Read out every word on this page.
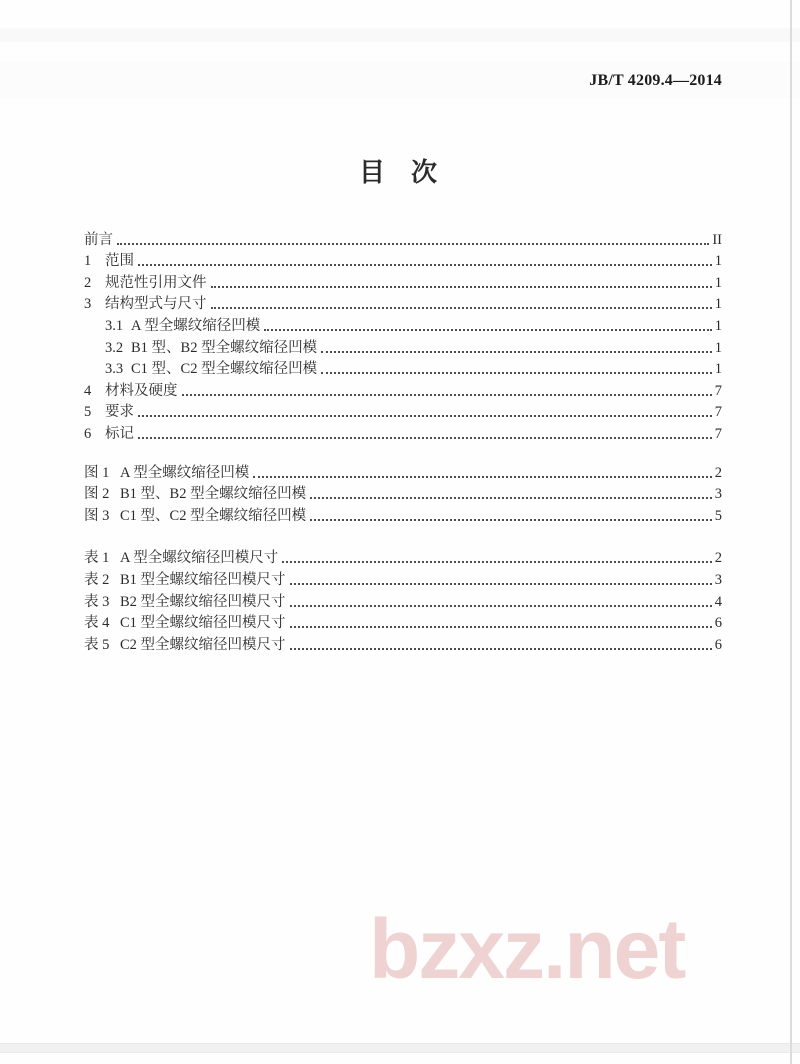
JB/T 4209.4—2014
目　次
前言	II
1 范围	1
2 规范性引用文件	1
3 结构型式与尺寸	1
3.1 A 型全螺纹缩径凹模	1
3.2 B1 型、B2 型全螺纹缩径凹模	1
3.3 C1 型、C2 型全螺纹缩径凹模	1
4 材料及硬度	7
5 要求	7
6 标记	7
图 1 A 型全螺纹缩径凹模	2
图 2 B1 型、B2 型全螺纹缩径凹模	3
图 3 C1 型、C2 型全螺纹缩径凹模	5
表 1 A 型全螺纹缩径凹模尺寸	2
表 2 B1 型全螺纹缩径凹模尺寸	3
表 3 B2 型全螺纹缩径凹模尺寸	4
表 4 C1 型全螺纹缩径凹模尺寸	6
表 5 C2 型全螺纹缩径凹模尺寸	6
bzxz.net
